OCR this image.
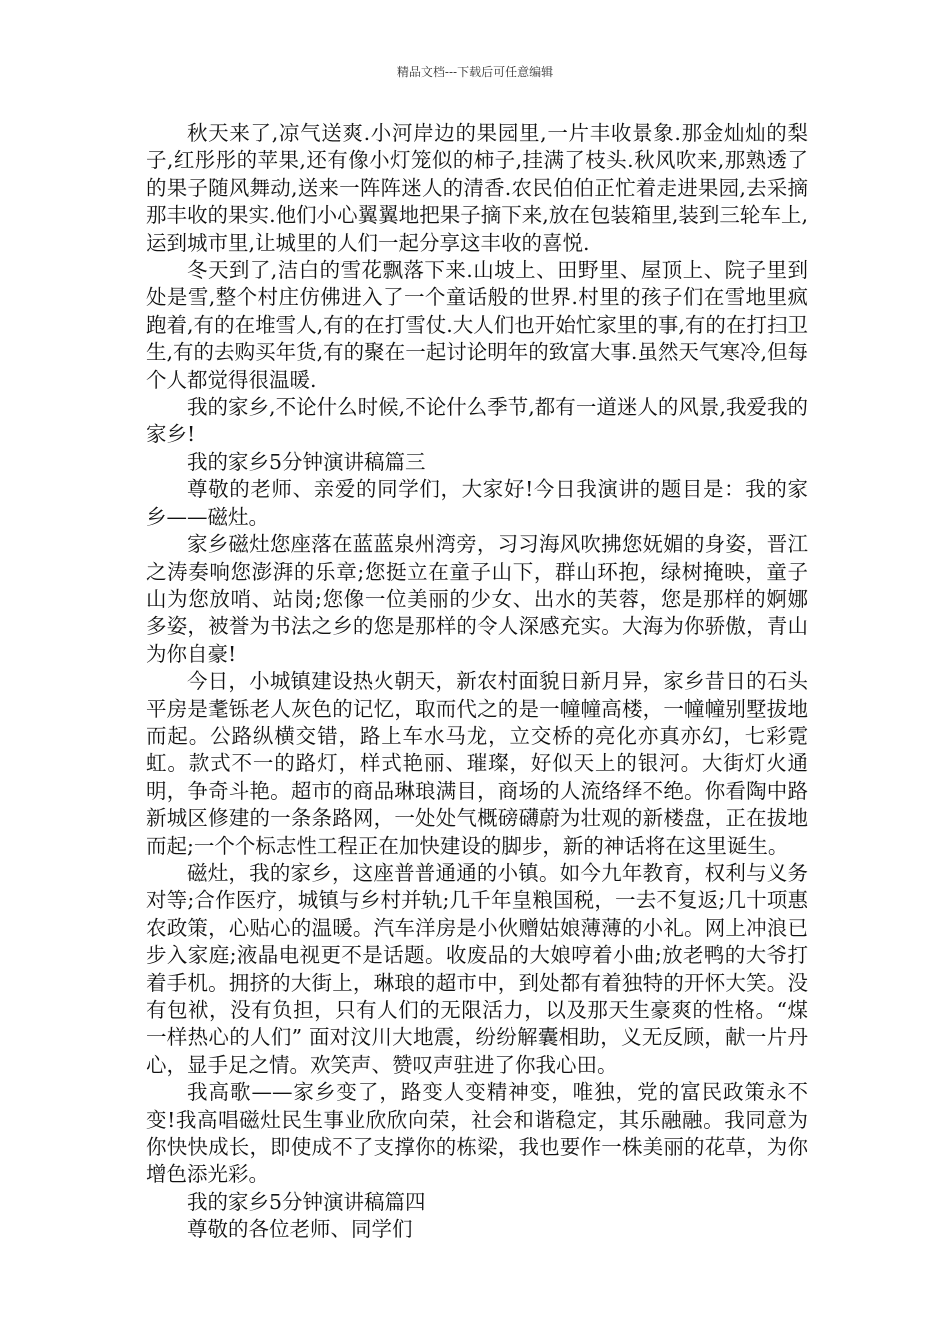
精品文档---下载后可任意编辑

秋天来了,凉气送爽.小河岸边的果园里,一片丰收景象.那金灿灿的梨子,红彤彤的苹果,还有像小灯笼似的柿子,挂满了枝头.秋风吹来,那熟透了的果子随风舞动,送来一阵阵迷人的清香.农民伯伯正忙着走进果园,去采摘那丰收的果实.他们小心翼翼地把果子摘下来,放在包装箱里,装到三轮车上,运到城市里,让城里的人们一起分享这丰收的喜悦.

冬天到了,洁白的雪花飘落下来.山坡上、田野里、屋顶上、院子里到处是雪,整个村庄仿佛进入了一个童话般的世界.村里的孩子们在雪地里疯跑着,有的在堆雪人,有的在打雪仗.大人们也开始忙家里的事,有的在打扫卫生,有的去购买年货,有的聚在一起讨论明年的致富大事.虽然天气寒冷,但每个人都觉得很温暖.

我的家乡,不论什么时候,不论什么季节,都有一道迷人的风景,我爱我的家乡!

我的家乡5分钟演讲稿篇三

尊敬的老师、亲爱的同学们，大家好!今日我演讲的题目是：我的家乡——磁灶。

家乡磁灶您座落在蓝蓝泉州湾旁，习习海风吹拂您妩媚的身姿，晋江之涛奏响您澎湃的乐章;您挺立在童子山下，群山环抱，绿树掩映，童子山为您放哨、站岗;您像一位美丽的少女、出水的芙蓉，您是那样的婀娜多姿，被誉为书法之乡的您是那样的令人深感充实。大海为你骄傲，青山为你自豪!

今日，小城镇建设热火朝天，新农村面貌日新月异，家乡昔日的石头平房是耄铄老人灰色的记忆，取而代之的是一幢幢高楼，一幢幢别墅拔地而起。公路纵横交错，路上车水马龙，立交桥的亮化亦真亦幻，七彩霓虹。款式不一的路灯，样式艳丽、璀璨，好似天上的银河。大街灯火通明，争奇斗艳。超市的商品琳琅满目，商场的人流络绎不绝。你看陶中路新城区修建的一条条路网，一处处气概磅礴蔚为壮观的新楼盘，正在拔地而起;一个个标志性工程正在加快建设的脚步，新的神话将在这里诞生。

磁灶，我的家乡，这座普普通通的小镇。如今九年教育，权利与义务对等;合作医疗，城镇与乡村并轨;几千年皇粮国税，一去不复返;几十项惠农政策，心贴心的温暖。汽车洋房是小伙赠姑娘薄薄的小礼。网上冲浪已步入家庭;液晶电视更不是话题。收废品的大娘哼着小曲;放老鸭的大爷打着手机。拥挤的大街上，琳琅的超市中，到处都有着独特的开怀大笑。没有包袱，没有负担，只有人们的无限活力，以及那天生豪爽的性格。“煤一样热心的人们” 面对汶川大地震，纷纷解囊相助，义无反顾，献一片丹心，显手足之情。欢笑声、赞叹声驻进了你我心田。

我高歌——家乡变了，路变人变精神变，唯独，党的富民政策永不变!我高唱磁灶民生事业欣欣向荣，社会和谐稳定，其乐融融。我同意为你快快成长，即使成不了支撑你的栋梁，我也要作一株美丽的花草，为你增色添光彩。

我的家乡5分钟演讲稿篇四

尊敬的各位老师、同学们
